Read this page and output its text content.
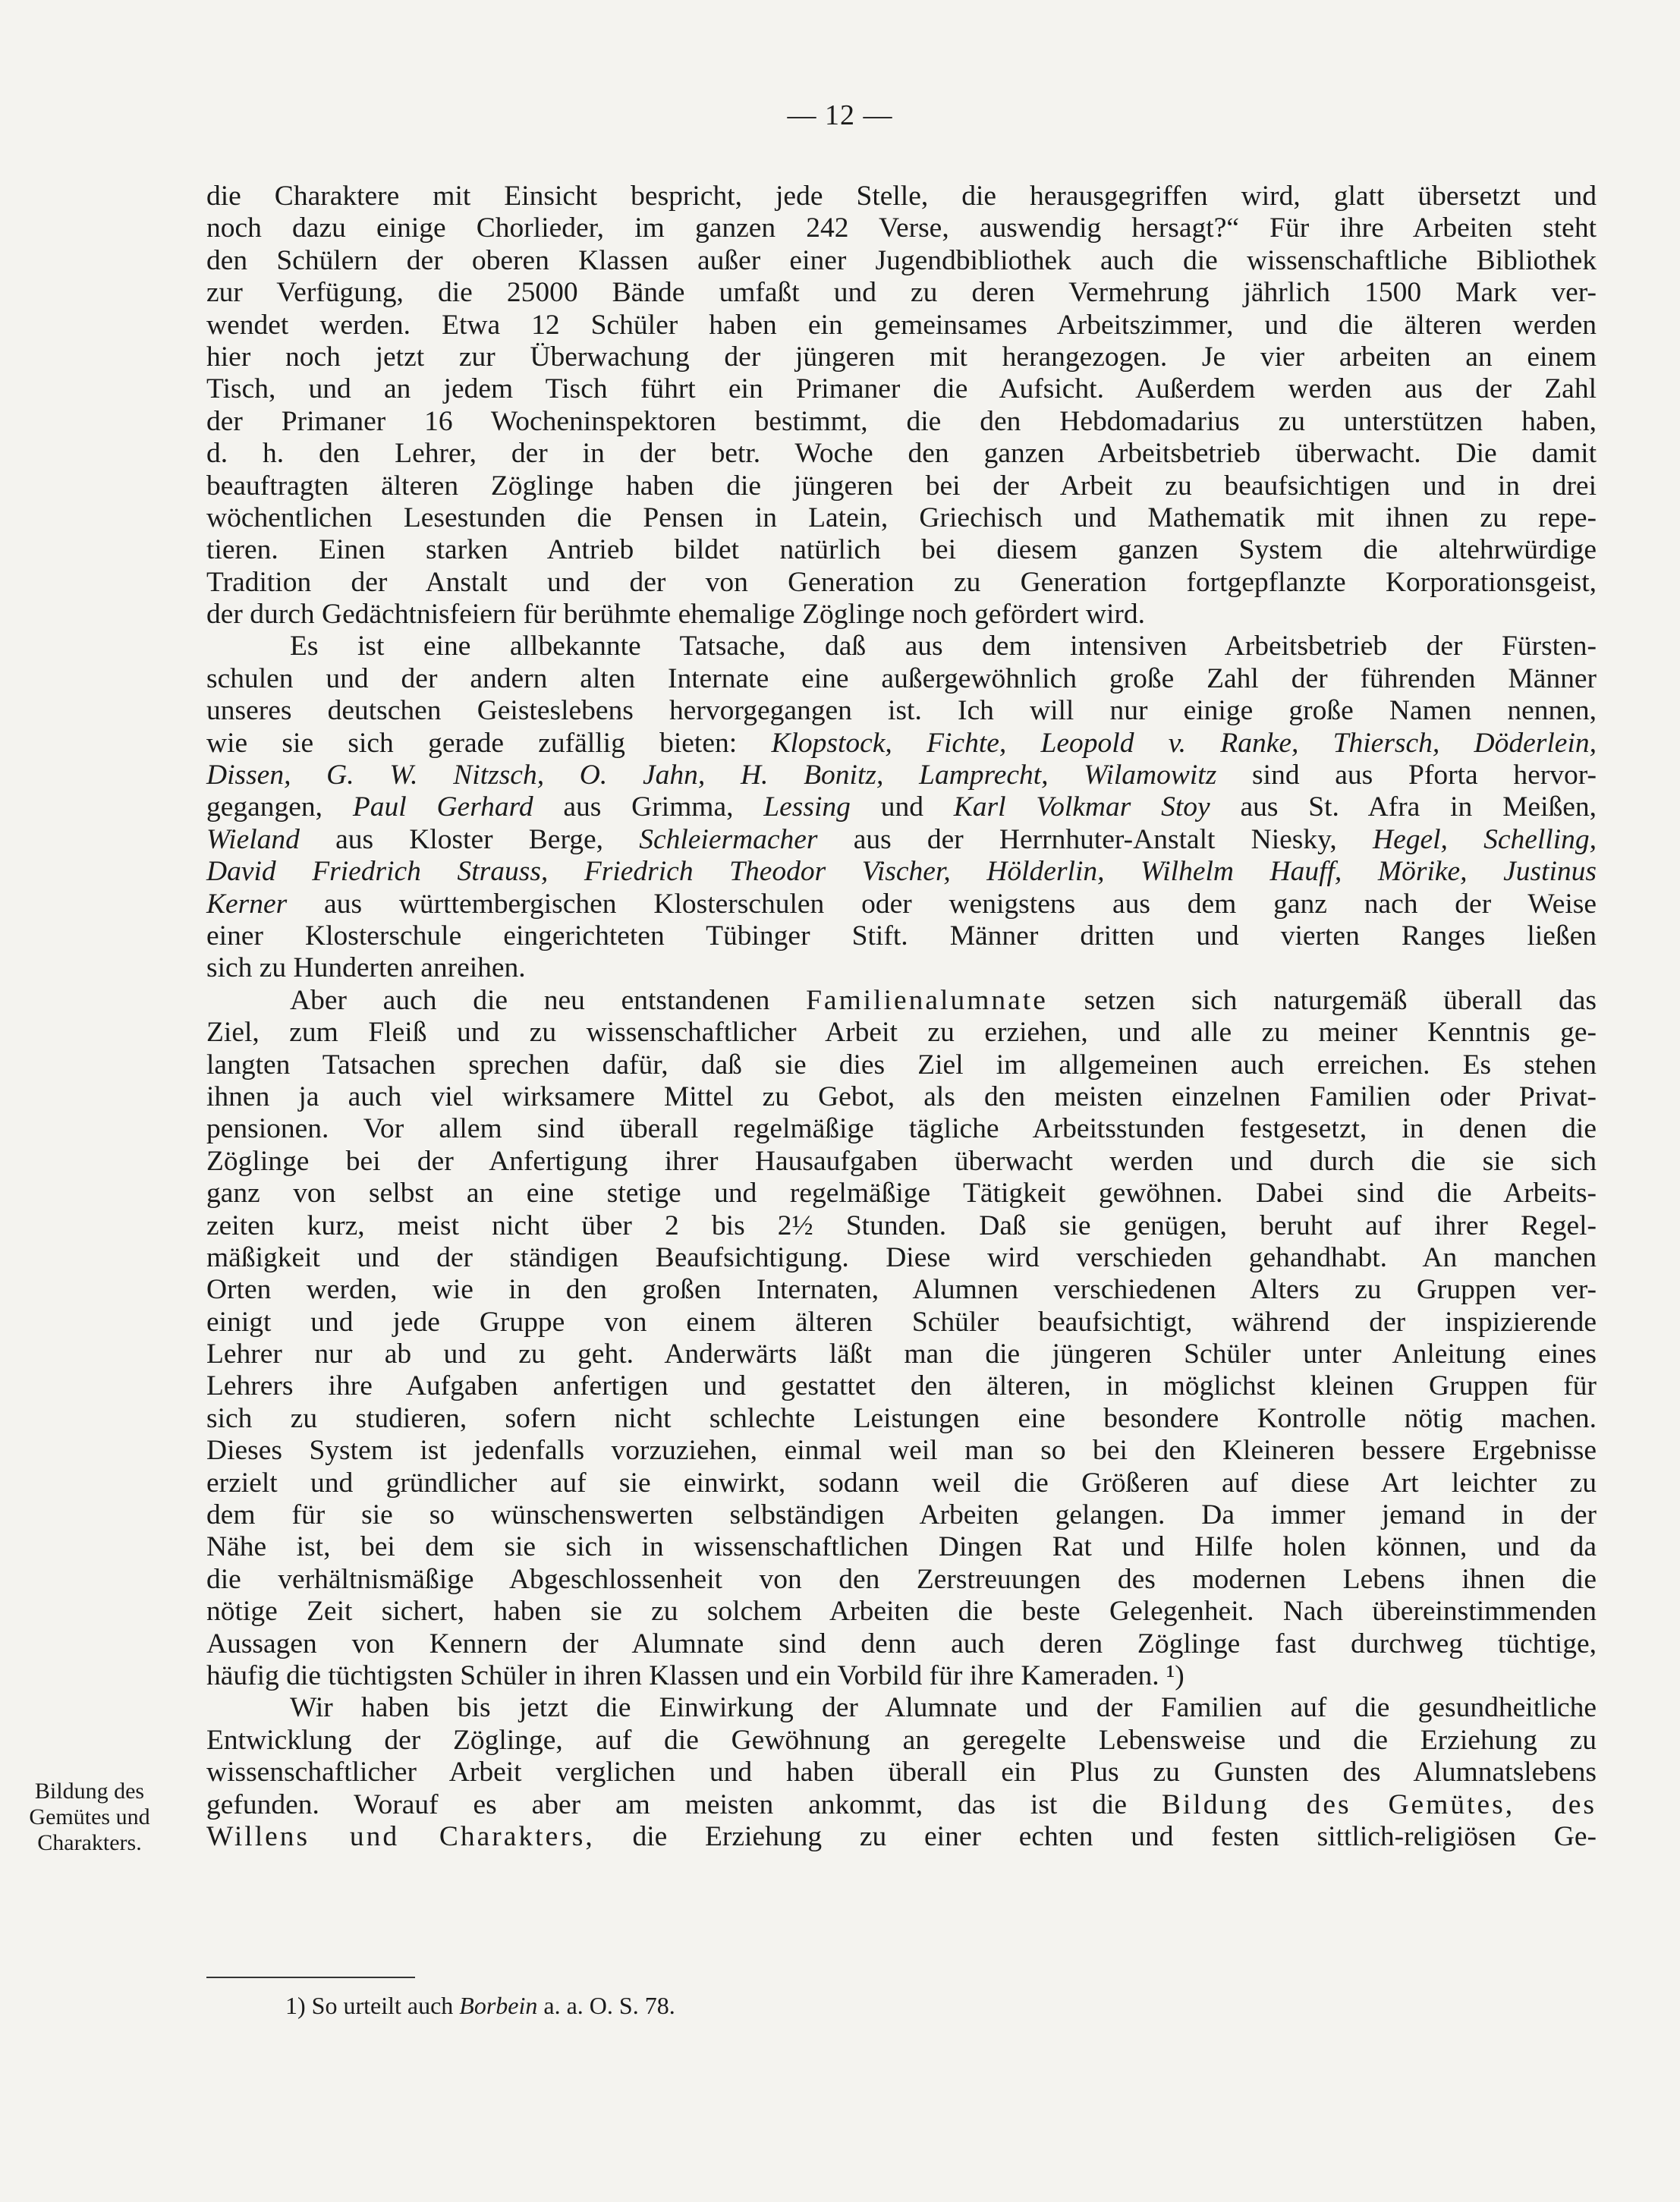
— 12 —
die Charaktere mit Einsicht bespricht, jede Stelle, die herausgegriffen wird, glatt übersetzt und
noch dazu einige Chorlieder, im ganzen 242 Verse, auswendig hersagt?“ Für ihre Arbeiten steht
den Schülern der oberen Klassen außer einer Jugendbibliothek auch die wissenschaftliche Bibliothek
zur Verfügung, die 25000 Bände umfaßt und zu deren Vermehrung jährlich 1500 Mark ver-
wendet werden. Etwa 12 Schüler haben ein gemeinsames Arbeitszimmer, und die älteren werden
hier noch jetzt zur Überwachung der jüngeren mit herangezogen. Je vier arbeiten an einem
Tisch, und an jedem Tisch führt ein Primaner die Aufsicht. Außerdem werden aus der Zahl
der Primaner 16 Wocheninspektoren bestimmt, die den Hebdomadarius zu unterstützen haben,
d. h. den Lehrer, der in der betr. Woche den ganzen Arbeitsbetrieb überwacht. Die damit
beauftragten älteren Zöglinge haben die jüngeren bei der Arbeit zu beaufsichtigen und in drei
wöchentlichen Lesestunden die Pensen in Latein, Griechisch und Mathematik mit ihnen zu repe-
tieren. Einen starken Antrieb bildet natürlich bei diesem ganzen System die altehrwürdige
Tradition der Anstalt und der von Generation zu Generation fortgepflanzte Korporationsgeist,
der durch Gedächtnisfeiern für berühmte ehemalige Zöglinge noch gefördert wird.
Es ist eine allbekannte Tatsache, daß aus dem intensiven Arbeitsbetrieb der Fürsten-
schulen und der andern alten Internate eine außergewöhnlich große Zahl der führenden Männer
unseres deutschen Geisteslebens hervorgegangen ist. Ich will nur einige große Namen nennen,
wie sie sich gerade zufällig bieten: Klopstock, Fichte, Leopold v. Ranke, Thiersch, Döderlein,
Dissen, G. W. Nitzsch, O. Jahn, H. Bonitz, Lamprecht, Wilamowitz sind aus Pforta hervor-
gegangen, Paul Gerhard aus Grimma, Lessing und Karl Volkmar Stoy aus St. Afra in Meißen,
Wieland aus Kloster Berge, Schleiermacher aus der Herrnhuter-Anstalt Niesky, Hegel, Schelling,
David Friedrich Strauss, Friedrich Theodor Vischer, Hölderlin, Wilhelm Hauff, Mörike, Justinus
Kerner aus württembergischen Klosterschulen oder wenigstens aus dem ganz nach der Weise
einer Klosterschule eingerichteten Tübinger Stift. Männer dritten und vierten Ranges ließen
sich zu Hunderten anreihen.
Aber auch die neu entstandenen Familienalumnate setzen sich naturgemäß überall das
Ziel, zum Fleiß und zu wissenschaftlicher Arbeit zu erziehen, und alle zu meiner Kenntnis ge-
langten Tatsachen sprechen dafür, daß sie dies Ziel im allgemeinen auch erreichen. Es stehen
ihnen ja auch viel wirksamere Mittel zu Gebot, als den meisten einzelnen Familien oder Privat-
pensionen. Vor allem sind überall regelmäßige tägliche Arbeitsstunden festgesetzt, in denen die
Zöglinge bei der Anfertigung ihrer Hausaufgaben überwacht werden und durch die sie sich
ganz von selbst an eine stetige und regelmäßige Tätigkeit gewöhnen. Dabei sind die Arbeits-
zeiten kurz, meist nicht über 2 bis 2½ Stunden. Daß sie genügen, beruht auf ihrer Regel-
mäßigkeit und der ständigen Beaufsichtigung. Diese wird verschieden gehandhabt. An manchen
Orten werden, wie in den großen Internaten, Alumnen verschiedenen Alters zu Gruppen ver-
einigt und jede Gruppe von einem älteren Schüler beaufsichtigt, während der inspizierende
Lehrer nur ab und zu geht. Anderwärts läßt man die jüngeren Schüler unter Anleitung eines
Lehrers ihre Aufgaben anfertigen und gestattet den älteren, in möglichst kleinen Gruppen für
sich zu studieren, sofern nicht schlechte Leistungen eine besondere Kontrolle nötig machen.
Dieses System ist jedenfalls vorzuziehen, einmal weil man so bei den Kleineren bessere Ergebnisse
erzielt und gründlicher auf sie einwirkt, sodann weil die Größeren auf diese Art leichter zu
dem für sie so wünschenswerten selbständigen Arbeiten gelangen. Da immer jemand in der
Nähe ist, bei dem sie sich in wissenschaftlichen Dingen Rat und Hilfe holen können, und da
die verhältnismäßige Abgeschlossenheit von den Zerstreuungen des modernen Lebens ihnen die
nötige Zeit sichert, haben sie zu solchem Arbeiten die beste Gelegenheit. Nach übereinstimmenden
Aussagen von Kennern der Alumnate sind denn auch deren Zöglinge fast durchweg tüchtige,
häufig die tüchtigsten Schüler in ihren Klassen und ein Vorbild für ihre Kameraden. ¹)
Wir haben bis jetzt die Einwirkung der Alumnate und der Familien auf die gesundheitliche
Entwicklung der Zöglinge, auf die Gewöhnung an geregelte Lebensweise und die Erziehung zu
wissenschaftlicher Arbeit verglichen und haben überall ein Plus zu Gunsten des Alumnatslebens
gefunden. Worauf es aber am meisten ankommt, das ist die Bildung des Gemütes, des
Willens und Charakters, die Erziehung zu einer echten und festen sittlich-religiösen Ge-
Bildung des
Gemütes und
Charakters.
1) So urteilt auch Borbein a. a. O. S. 78.
